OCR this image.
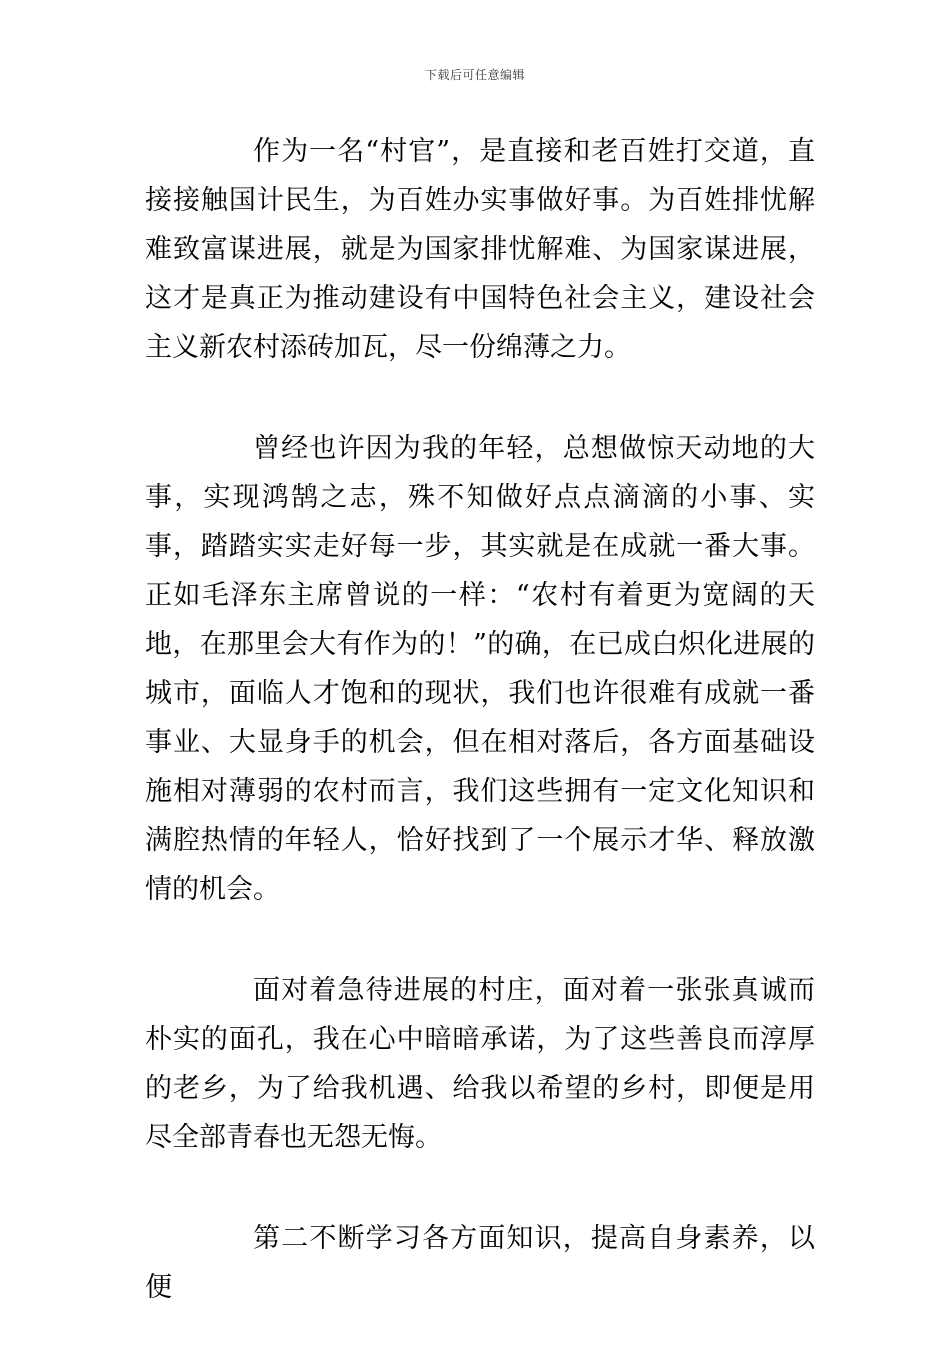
下载后可任意编辑

作为一名“村官”，是直接和老百姓打交道，直接接触国计民生，为百姓办实事做好事。为百姓排忧解难致富谋进展，就是为国家排忧解难、为国家谋进展，这才是真正为推动建设有中国特色社会主义，建设社会主义新农村添砖加瓦，尽一份绵薄之力。

曾经也许因为我的年轻，总想做惊天动地的大事，实现鸿鹄之志，殊不知做好点点滴滴的小事、实事，踏踏实实走好每一步，其实就是在成就一番大事。正如毛泽东主席曾说的一样：“农村有着更为宽阔的天地，在那里会大有作为的！”的确，在已成白炽化进展的城市，面临人才饱和的现状，我们也许很难有成就一番事业、大显身手的机会，但在相对落后，各方面基础设施相对薄弱的农村而言，我们这些拥有一定文化知识和满腔热情的年轻人，恰好找到了一个展示才华、释放激情的机会。

面对着急待进展的村庄，面对着一张张真诚而朴实的面孔，我在心中暗暗承诺，为了这些善良而淳厚的老乡，为了给我机遇、给我以希望的乡村，即便是用尽全部青春也无怨无悔。

第二不断学习各方面知识，提高自身素养，以便
